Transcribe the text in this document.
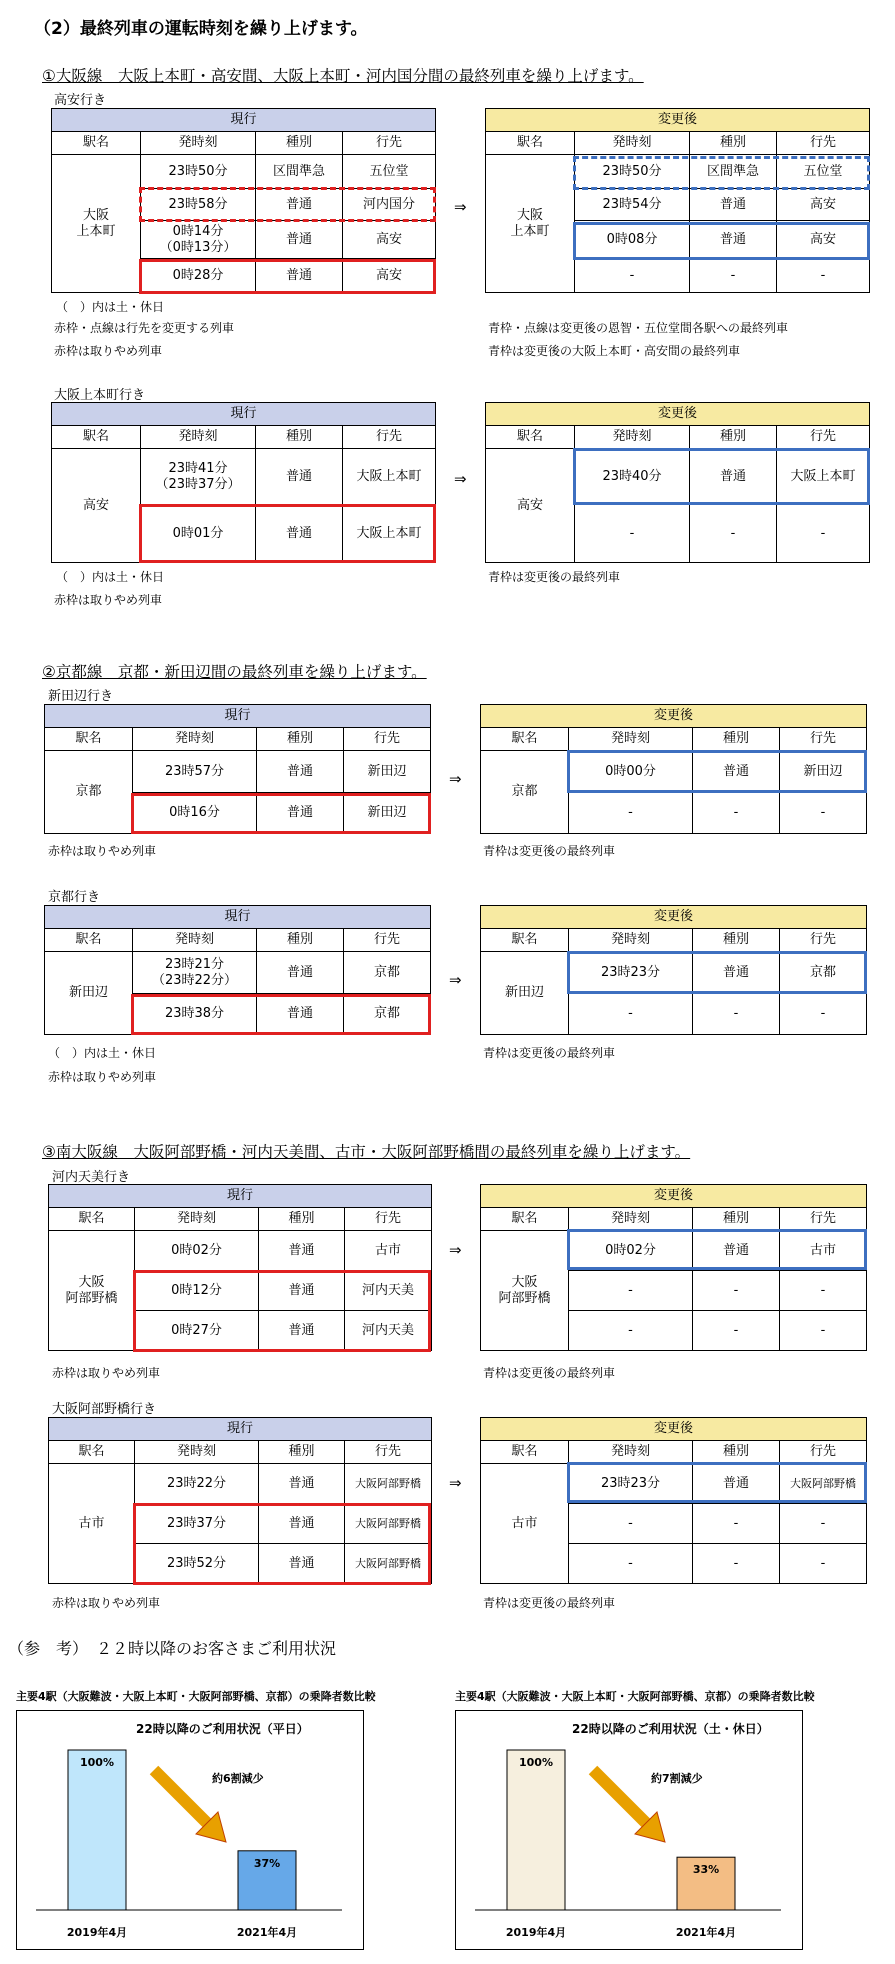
（2）最終列車の運転時刻を繰り上げます。
①大阪線　大阪上本町・高安間、大阪上本町・河内国分間の最終列車を繰り上げます。
高安行き
現行			
駅名	発時刻	種別	行先
大阪
上本町	23時50分	区間準急	五位堂
	23時58分	普通	河内国分
	0時14分
（0時13分）	普通	高安
	0時28分	普通	高安
⇒
変更後			
駅名	発時刻	種別	行先
大阪
上本町	23時50分	区間準急	五位堂
	23時54分	普通	高安
	0時08分	普通	高安
	-	-	-
（　）内は土・休日
赤枠・点線は行先を変更する列車
赤枠は取りやめ列車
青枠・点線は変更後の恩智・五位堂間各駅への最終列車
青枠は変更後の大阪上本町・高安間の最終列車
大阪上本町行き
現行			
駅名	発時刻	種別	行先
高安	23時41分
（23時37分）	普通	大阪上本町
	0時01分	普通	大阪上本町
⇒
変更後			
駅名	発時刻	種別	行先
高安	23時40分	普通	大阪上本町
	-	-	-
（　）内は土・休日
赤枠は取りやめ列車
青枠は変更後の最終列車
②京都線　京都・新田辺間の最終列車を繰り上げます。
新田辺行き
現行			
駅名	発時刻	種別	行先
京都	23時57分	普通	新田辺
	0時16分	普通	新田辺
⇒
変更後			
駅名	発時刻	種別	行先
京都	0時00分	普通	新田辺
	-	-	-
赤枠は取りやめ列車	青枠は変更後の最終列車
京都行き
現行			
駅名	発時刻	種別	行先
新田辺	23時21分
（23時22分）	普通	京都
	23時38分	普通	京都
⇒
変更後			
駅名	発時刻	種別	行先
新田辺	23時23分	普通	京都
	-	-	-
（　）内は土・休日
赤枠は取りやめ列車
青枠は変更後の最終列車
③南大阪線　大阪阿部野橋・河内天美間、古市・大阪阿部野橋間の最終列車を繰り上げます。
河内天美行き
現行			
駅名	発時刻	種別	行先
大阪
阿部野橋	0時02分	普通	古市
	0時12分	普通	河内天美
	0時27分	普通	河内天美
⇒
変更後			
駅名	発時刻	種別	行先
大阪
阿部野橋	0時02分	普通	古市
	-	-	-
	-	-	-
赤枠は取りやめ列車	青枠は変更後の最終列車
大阪阿部野橋行き
現行			
駅名	発時刻	種別	行先
古市	23時22分	普通	大阪阿部野橋
	23時37分	普通	大阪阿部野橋
	23時52分	普通	大阪阿部野橋
⇒
変更後			
駅名	発時刻	種別	行先
古市	23時23分	普通	大阪阿部野橋
	-	-	-
	-	-	-
赤枠は取りやめ列車	青枠は変更後の最終列車
（参　考）　２２時以降のお客さまご利用状況
主要4駅（大阪難波・大阪上本町・大阪阿部野橋、京都）の乗降者数比較
22時以降のご利用状況（平日）
100%
2019年4月
37%
2021年4月
約6割減少
主要4駅（大阪難波・大阪上本町・大阪阿部野橋、京都）の乗降者数比較
22時以降のご利用状況（土・休日）
100%
2019年4月
33%
2021年4月
約7割減少
